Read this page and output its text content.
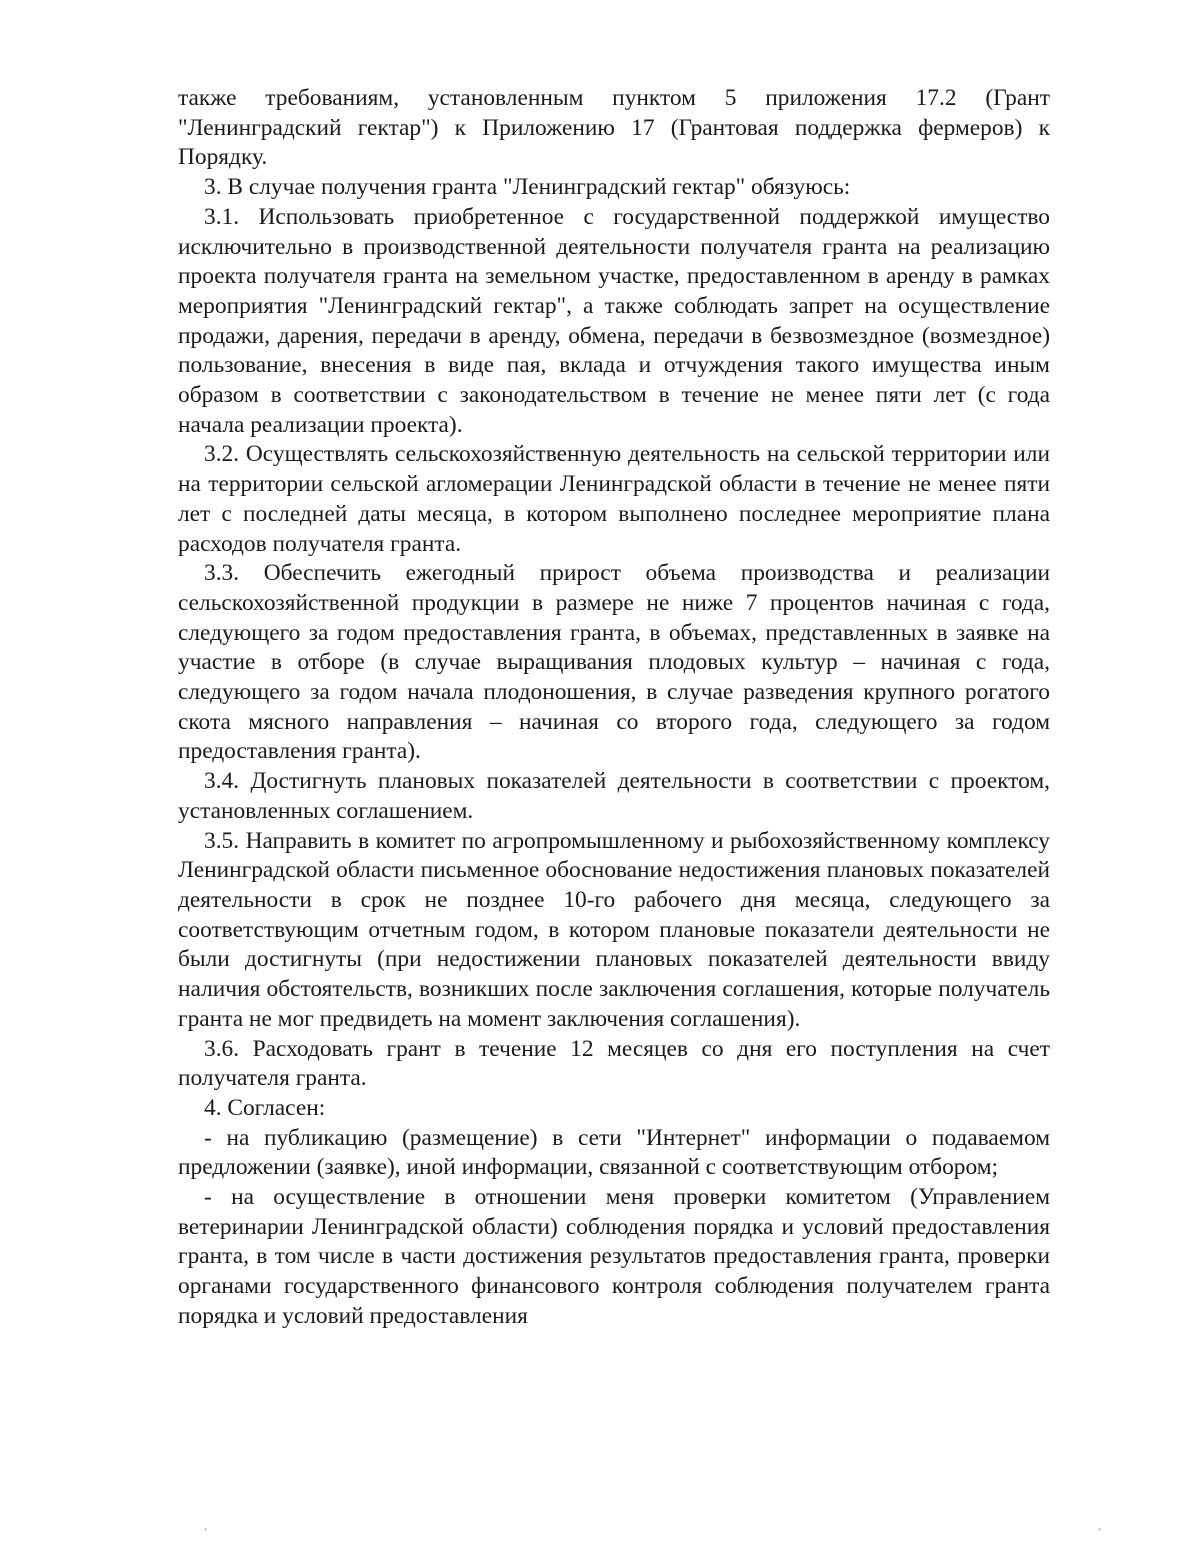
также требованиям, установленным пунктом 5 приложения 17.2 (Грант "Ленинградский гектар") к Приложению 17 (Грантовая поддержка фермеров) к Порядку.

3. В случае получения гранта "Ленинградский гектар" обязуюсь:

3.1. Использовать приобретенное с государственной поддержкой имущество исключительно в производственной деятельности получателя гранта на реализацию проекта получателя гранта на земельном участке, предоставленном в аренду в рамках мероприятия "Ленинградский гектар", а также соблюдать запрет на осуществление продажи, дарения, передачи в аренду, обмена, передачи в безвозмездное (возмездное) пользование, внесения в виде пая, вклада и отчуждения такого имущества иным образом в соответствии с законодательством в течение не менее пяти лет (с года начала реализации проекта).

3.2. Осуществлять сельскохозяйственную деятельность на сельской территории или на территории сельской агломерации Ленинградской области в течение не менее пяти лет с последней даты месяца, в котором выполнено последнее мероприятие плана расходов получателя гранта.

3.3. Обеспечить ежегодный прирост объема производства и реализации сельскохозяйственной продукции в размере не ниже 7 процентов начиная с года, следующего за годом предоставления гранта, в объемах, представленных в заявке на участие в отборе (в случае выращивания плодовых культур – начиная с года, следующего за годом начала плодоношения, в случае разведения крупного рогатого скота мясного направления – начиная со второго года, следующего за годом предоставления гранта).

3.4. Достигнуть плановых показателей деятельности в соответствии с проектом, установленных соглашением.

3.5. Направить в комитет по агропромышленному и рыбохозяйственному комплексу Ленинградской области письменное обоснование недостижения плановых показателей деятельности в срок не позднее 10-го рабочего дня месяца, следующего за соответствующим отчетным годом, в котором плановые показатели деятельности не были достигнуты (при недостижении плановых показателей деятельности ввиду наличия обстоятельств, возникших после заключения соглашения, которые получатель гранта не мог предвидеть на момент заключения соглашения).

3.6. Расходовать грант в течение 12 месяцев со дня его поступления на счет получателя гранта.

4. Согласен:

- на публикацию (размещение) в сети "Интернет" информации о подаваемом предложении (заявке), иной информации, связанной с соответствующим отбором;

- на осуществление в отношении меня проверки комитетом (Управлением ветеринарии Ленинградской области) соблюдения порядка и условий предоставления гранта, в том числе в части достижения результатов предоставления гранта, проверки органами государственного финансового контроля соблюдения получателем гранта порядка и условий предоставления
